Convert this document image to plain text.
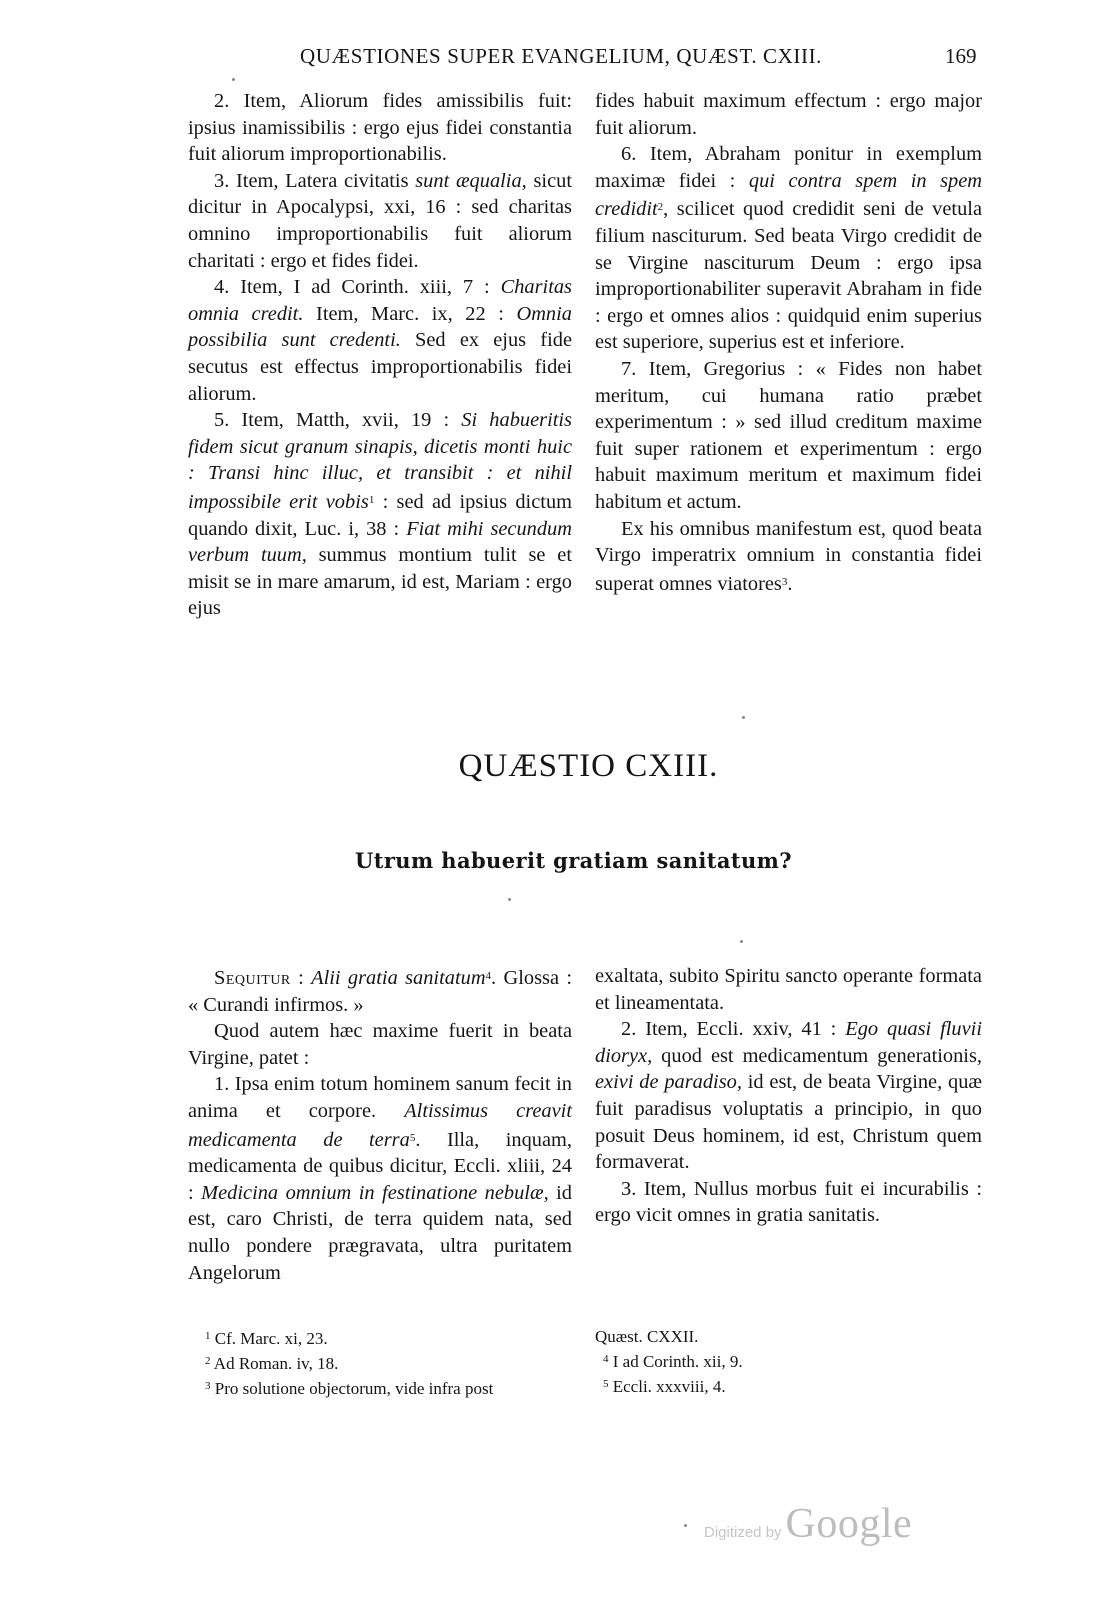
QUÆSTIONES SUPER EVANGELIUM, QUÆST. CXIII.	169

2. Item, Aliorum fides amissibilis fuit: ipsius inamissibilis : ergo ejus fidei constantia fuit aliorum improportionabilis.

3. Item, Latera civitatis sunt æqualia, sicut dicitur in Apocalypsi, xxi, 16 : sed charitas omnino improportionabilis fuit aliorum charitati : ergo et fides fidei.

4. Item, I ad Corinth. xiii, 7 : Charitas omnia credit. Item, Marc. ix, 22 : Omnia possibilia sunt credenti. Sed ex ejus fide secutus est effectus improportionabilis fidei aliorum.

5. Item, Matth, xvii, 19 : Si habueritis fidem sicut granum sinapis, dicetis monti huic : Transi hinc illuc, et transibit : et nihil impossibile erit vobis$^1$ : sed ad ipsius dictum quando dixit, Luc. i, 38 : Fiat mihi secundum verbum tuum, summus montium tulit se et misit se in mare amarum, id est, Mariam : ergo ejus

fides habuit maximum effectum : ergo major fuit aliorum.

6. Item, Abraham ponitur in exemplum maximæ fidei : qui contra spem in spem credidit$^2$, scilicet quod credidit seni de vetula filium nasciturum. Sed beata Virgo credidit de se Virgine nasciturum Deum : ergo ipsa improportionabiliter superavit Abraham in fide : ergo et omnes alios : quidquid enim superius est superiore, superius est et inferiore.

7. Item, Gregorius : « Fides non habet meritum, cui humana ratio præbet experimentum : » sed illud creditum maxime fuit super rationem et experimentum : ergo habuit maximum meritum et maximum fidei habitum et actum.

Ex his omnibus manifestum est, quod beata Virgo imperatrix omnium in constantia fidei superat omnes viatores$^3$.

QUÆSTIO CXIII.
Utrum habuerit gratiam sanitatum?

Sequitur : Alii gratia sanitatum$^4$. Glossa : « Curandi infirmos. »

Quod autem hæc maxime fuerit in beata Virgine, patet :

1. Ipsa enim totum hominem sanum fecit in anima et corpore. Altissimus creavit medicamenta de terra$^5$. Illa, inquam, medicamenta de quibus dicitur, Eccli. xliii, 24 : Medicina omnium in festinatione nebulæ, id est, caro Christi, de terra quidem nata, sed nullo pondere prægravata, ultra puritatem Angelorum

exaltata, subito Spiritu sancto operante formata et lineamentata.

2. Item, Eccli. xxiv, 41 : Ego quasi fluvii dioryx, quod est medicamentum generationis, exivi de paradiso, id est, de beata Virgine, quæ fuit paradisus voluptatis a principio, in quo posuit Deus hominem, id est, Christum quem formaverat.

3. Item, Nullus morbus fuit ei incurabilis : ergo vicit omnes in gratia sanitatis.

$^1$ Cf. Marc. xi, 23.
$^2$ Ad Roman. iv, 18.
$^3$ Pro solutione objectorum, vide infra post
Quæst. CXXII.
$^4$ I ad Corinth. xii, 9.
$^5$ Eccli. xxxviii, 4.
Digitized by Google
